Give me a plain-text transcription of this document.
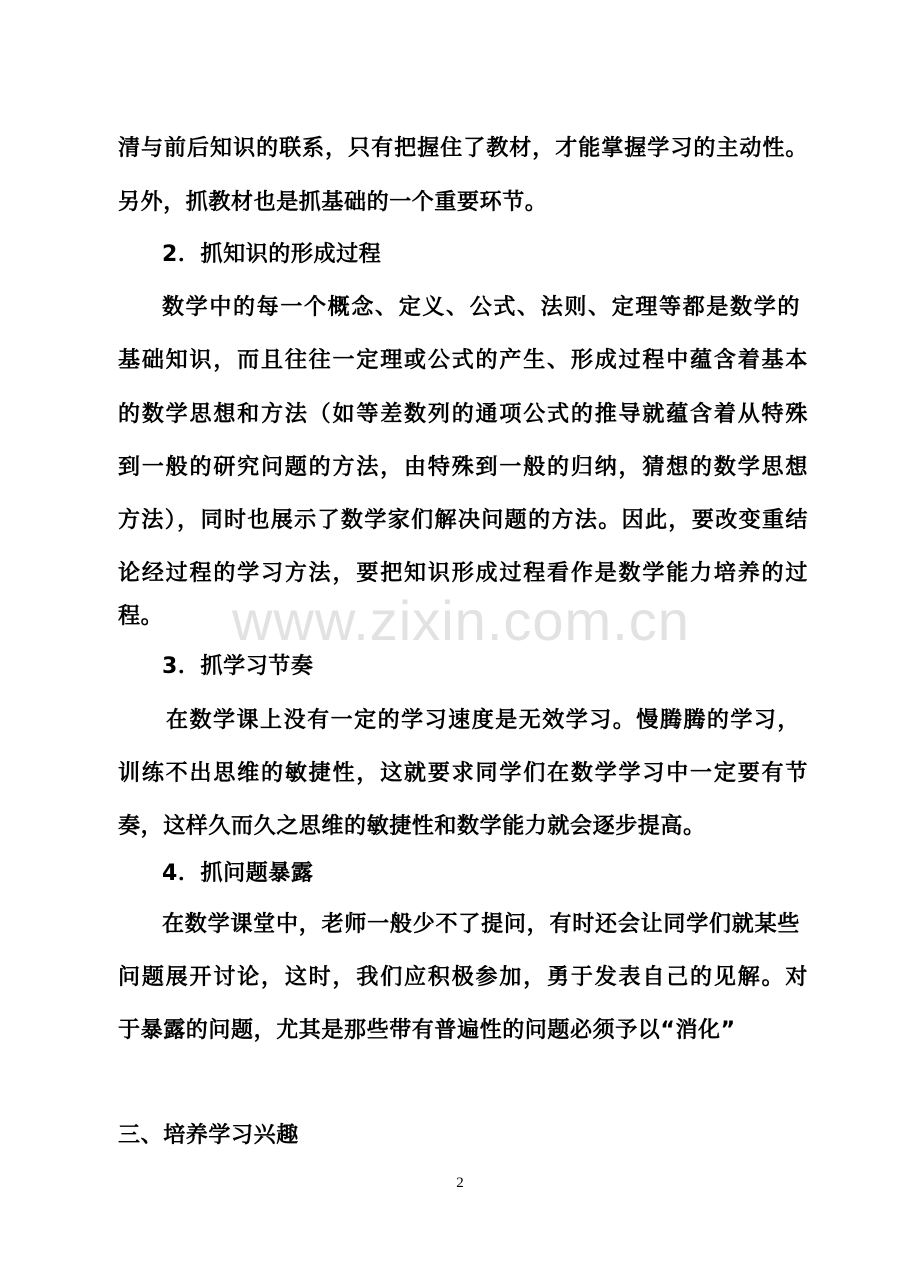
清与前后知识的联系，只有把握住了教材，才能掌握学习的主动性。
另外，抓教材也是抓基础的一个重要环节。
2．抓知识的形成过程
数学中的每一个概念、定义、公式、法则、定理等都是数学的
基础知识，而且往往一定理或公式的产生、形成过程中蕴含着基本
的数学思想和方法（如等差数列的通项公式的推导就蕴含着从特殊
到一般的研究问题的方法，由特殊到一般的归纳，猜想的数学思想
方法），同时也展示了数学家们解决问题的方法。因此，要改变重结
论经过程的学习方法，要把知识形成过程看作是数学能力培养的过
程。
3．抓学习节奏
在数学课上没有一定的学习速度是无效学习。慢腾腾的学习，
训练不出思维的敏捷性，这就要求同学们在数学学习中一定要有节
奏，这样久而久之思维的敏捷性和数学能力就会逐步提高。
4．抓问题暴露
在数学课堂中，老师一般少不了提问，有时还会让同学们就某些
问题展开讨论，这时，我们应积极参加，勇于发表自己的见解。对
于暴露的问题，尤其是那些带有普遍性的问题必须予以“消化”
三、培养学习兴趣
www.zixin.com.cn
2
